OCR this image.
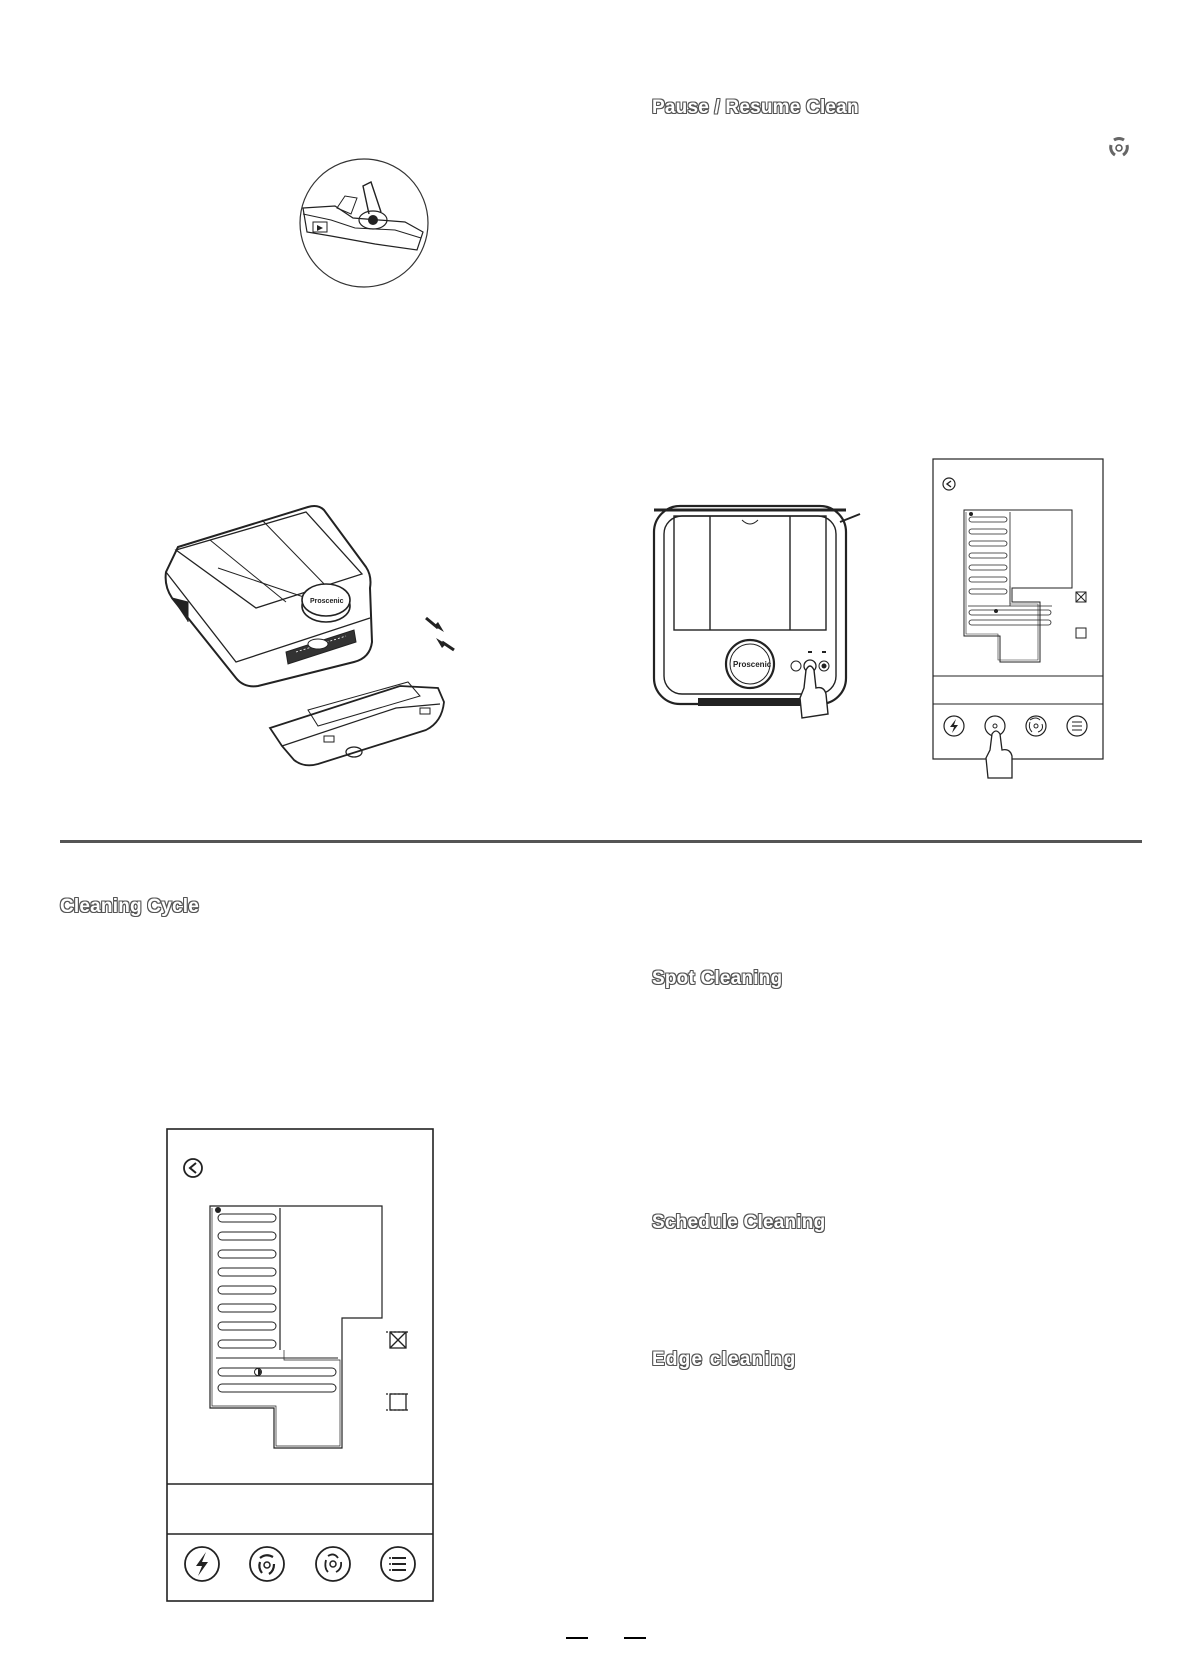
Pause / Resume Clean
Cleaning Cycle
Spot Cleaning
Schedule Cleaning
Edge cleaning
Proscenic
Proscenic
